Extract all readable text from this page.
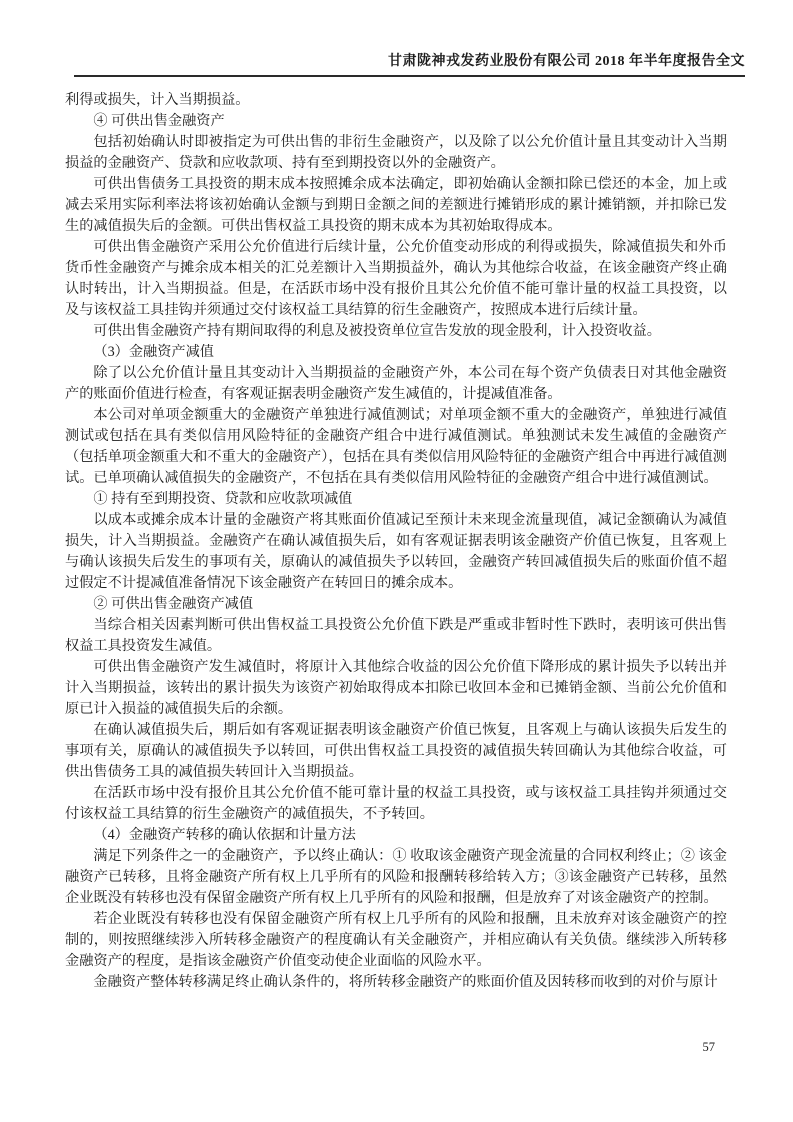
甘肃陇神戎发药业股份有限公司 2018 年半年度报告全文

利得或损失，计入当期损益。

④ 可供出售金融资产

包括初始确认时即被指定为可供出售的非衍生金融资产，以及除了以公允价值计量且其变动计入当期损益的金融资产、贷款和应收款项、持有至到期投资以外的金融资产。

可供出售债务工具投资的期末成本按照摊余成本法确定，即初始确认金额扣除已偿还的本金，加上或减去采用实际利率法将该初始确认金额与到期日金额之间的差额进行摊销形成的累计摊销额，并扣除已发生的减值损失后的金额。可供出售权益工具投资的期末成本为其初始取得成本。

可供出售金融资产采用公允价值进行后续计量，公允价值变动形成的利得或损失，除减值损失和外币货币性金融资产与摊余成本相关的汇兑差额计入当期损益外，确认为其他综合收益，在该金融资产终止确认时转出，计入当期损益。但是，在活跃市场中没有报价且其公允价值不能可靠计量的权益工具投资，以及与该权益工具挂钩并须通过交付该权益工具结算的衍生金融资产，按照成本进行后续计量。

可供出售金融资产持有期间取得的利息及被投资单位宣告发放的现金股利，计入投资收益。

（3）金融资产减值

除了以公允价值计量且其变动计入当期损益的金融资产外，本公司在每个资产负债表日对其他金融资产的账面价值进行检查，有客观证据表明金融资产发生减值的，计提减值准备。

本公司对单项金额重大的金融资产单独进行减值测试；对单项金额不重大的金融资产，单独进行减值测试或包括在具有类似信用风险特征的金融资产组合中进行减值测试。单独测试未发生减值的金融资产（包括单项金额重大和不重大的金融资产），包括在具有类似信用风险特征的金融资产组合中再进行减值测试。已单项确认减值损失的金融资产，不包括在具有类似信用风险特征的金融资产组合中进行减值测试。

① 持有至到期投资、贷款和应收款项减值

以成本或摊余成本计量的金融资产将其账面价值减记至预计未来现金流量现值，减记金额确认为减值损失，计入当期损益。金融资产在确认减值损失后，如有客观证据表明该金融资产价值已恢复，且客观上与确认该损失后发生的事项有关，原确认的减值损失予以转回，金融资产转回减值损失后的账面价值不超过假定不计提减值准备情况下该金融资产在转回日的摊余成本。

② 可供出售金融资产减值

当综合相关因素判断可供出售权益工具投资公允价值下跌是严重或非暂时性下跌时，表明该可供出售权益工具投资发生减值。

可供出售金融资产发生减值时，将原计入其他综合收益的因公允价值下降形成的累计损失予以转出并计入当期损益，该转出的累计损失为该资产初始取得成本扣除已收回本金和已摊销金额、当前公允价值和原已计入损益的减值损失后的余额。

在确认减值损失后，期后如有客观证据表明该金融资产价值已恢复，且客观上与确认该损失后发生的事项有关，原确认的减值损失予以转回，可供出售权益工具投资的减值损失转回确认为其他综合收益，可供出售债务工具的减值损失转回计入当期损益。

在活跃市场中没有报价且其公允价值不能可靠计量的权益工具投资，或与该权益工具挂钩并须通过交付该权益工具结算的衍生金融资产的减值损失，不予转回。

（4）金融资产转移的确认依据和计量方法

满足下列条件之一的金融资产，予以终止确认：① 收取该金融资产现金流量的合同权利终止；② 该金融资产已转移，且将金融资产所有权上几乎所有的风险和报酬转移给转入方；③该金融资产已转移，虽然企业既没有转移也没有保留金融资产所有权上几乎所有的风险和报酬，但是放弃了对该金融资产的控制。

若企业既没有转移也没有保留金融资产所有权上几乎所有的风险和报酬，且未放弃对该金融资产的控制的，则按照继续涉入所转移金融资产的程度确认有关金融资产，并相应确认有关负债。继续涉入所转移金融资产的程度，是指该金融资产价值变动使企业面临的风险水平。

金融资产整体转移满足终止确认条件的，将所转移金融资产的账面价值及因转移而收到的对价与原计

57
